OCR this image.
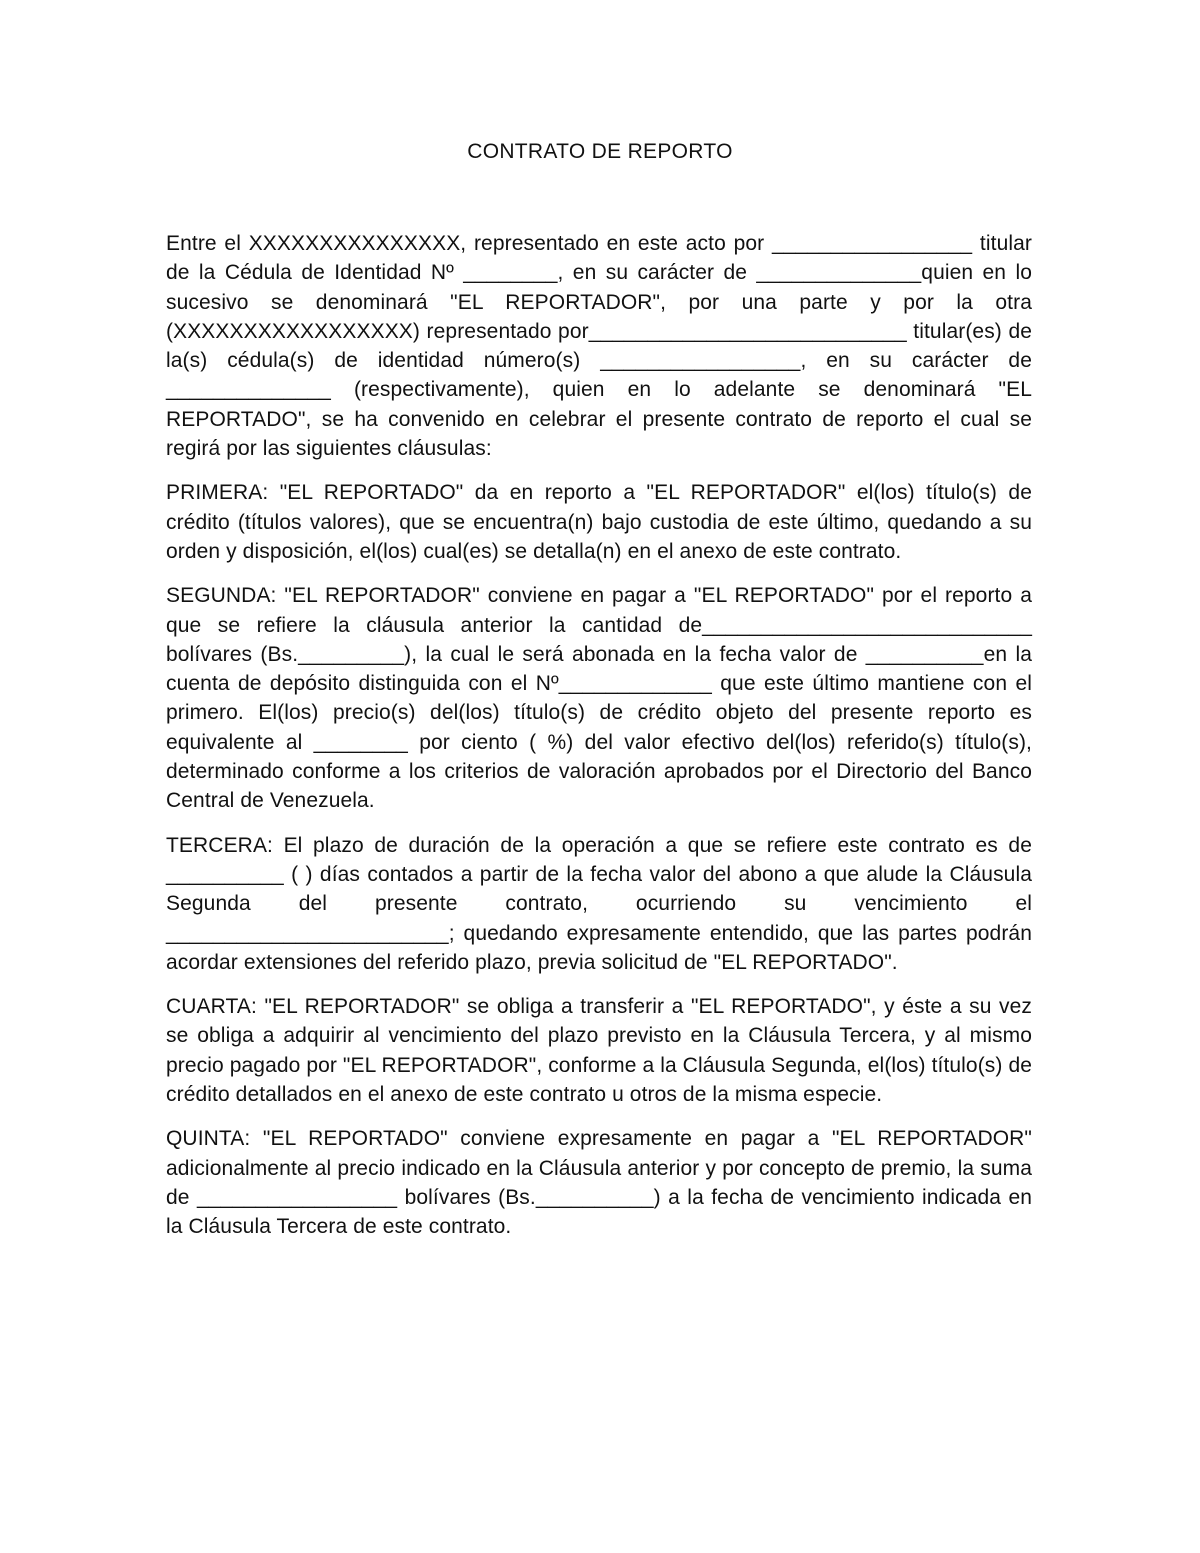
CONTRATO DE REPORTO

Entre el XXXXXXXXXXXXXXX, representado en este acto por _________________ titular de la Cédula de Identidad Nº ________, en su carácter de ______________quien en lo sucesivo se denominará "EL REPORTADOR", por una parte y por la otra (XXXXXXXXXXXXXXXXX) representado por___________________________ titular(es) de la(s) cédula(s) de identidad número(s) _________________, en su carácter de ______________ (respectivamente), quien en lo adelante se denominará "EL REPORTADO", se ha convenido en celebrar el presente contrato de reporto el cual se regirá por las siguientes cláusulas:

PRIMERA: "EL REPORTADO" da en reporto a "EL REPORTADOR" el(los) título(s) de crédito (títulos valores), que se encuentra(n) bajo custodia de este último, quedando a su orden y disposición, el(los) cual(es) se detalla(n) en el anexo de este contrato.

SEGUNDA: "EL REPORTADOR" conviene en pagar a "EL REPORTADO" por el reporto a que se refiere la cláusula anterior la cantidad de____________________________ bolívares (Bs._________), la cual le será abonada en la fecha valor de __________en la cuenta de depósito distinguida con el Nº_____________ que este último mantiene con el primero. El(los) precio(s) del(los) título(s) de crédito objeto del presente reporto es equivalente al ________ por ciento ( %) del valor efectivo del(los) referido(s) título(s), determinado conforme a los criterios de valoración aprobados por el Directorio del Banco Central de Venezuela.

TERCERA: El plazo de duración de la operación a que se refiere este contrato es de __________ ( ) días contados a partir de la fecha valor del abono a que alude la Cláusula Segunda del presente contrato, ocurriendo su vencimiento el ________________________; quedando expresamente entendido, que las partes podrán acordar extensiones del referido plazo, previa solicitud de "EL REPORTADO".

CUARTA: "EL REPORTADOR" se obliga a transferir a "EL REPORTADO", y éste a su vez se obliga a adquirir al vencimiento del plazo previsto en la Cláusula Tercera, y al mismo precio pagado por "EL REPORTADOR", conforme a la Cláusula Segunda, el(los) título(s) de crédito detallados en el anexo de este contrato u otros de la misma especie.

QUINTA: "EL REPORTADO" conviene expresamente en pagar a "EL REPORTADOR" adicionalmente al precio indicado en la Cláusula anterior y por concepto de premio, la suma de _________________ bolívares (Bs.__________) a la fecha de vencimiento indicada en la Cláusula Tercera de este contrato.
